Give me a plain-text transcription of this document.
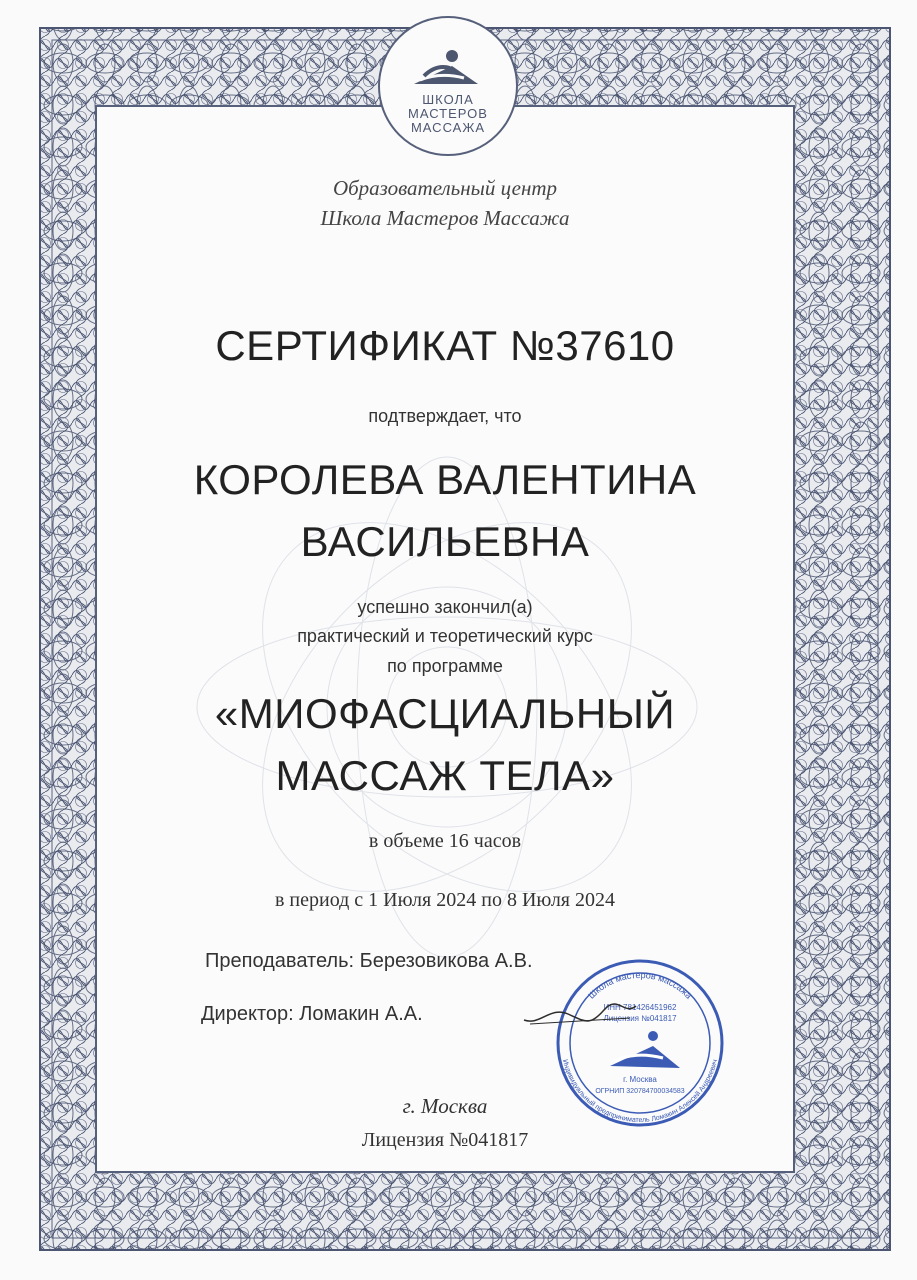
ШКОЛА
МАСТЕРОВ
МАССАЖА
Образовательный центр
Школа Мастеров Массажа
СЕРТИФИКАТ №37610
подтверждает, что
КОРОЛЕВА ВАЛЕНТИНА
ВАСИЛЬЕВНА
успешно закончил(а)
практический и теоретический курс
по программе
«МИОФАСЦИАЛЬНЫЙ
МАССАЖ ТЕЛА»
в объеме 16 часов
в период с 1 Июля 2024 по 8 Июля 2024
Преподаватель: Березовикова А.В.
Директор: Ломакин А.А.
Школа мастеров массажа
Индивидуальный предприниматель Ломакин Алексей Андреевич
ИНН 781426451962
Лицензия №041817
г. Москва
ОГРНИП 320784700034583
г. Москва
Лицензия №041817
